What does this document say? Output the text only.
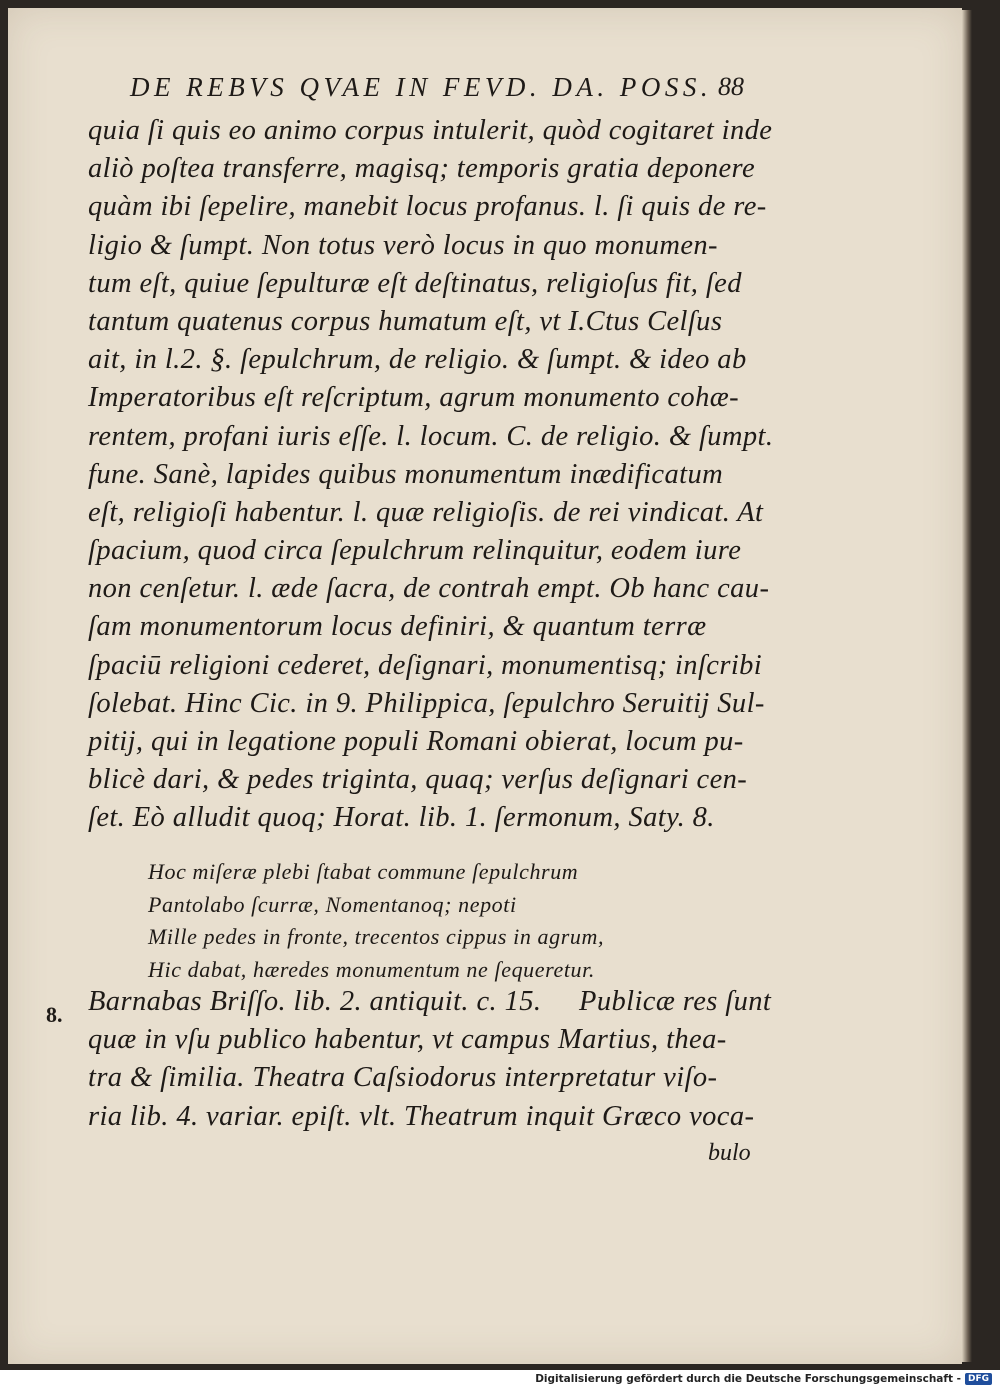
DE REBVS QVAE IN FEVD. DA. POSS. 88
quia ſi quis eo animo corpus intulerit, quòd cogitaret inde
aliò poſtea transferre, magisq; temporis gratia deponere
quàm ibi ſepelire, manebit locus profanus. l. ſi quis de re-
ligio & ſumpt. Non totus verò locus in quo monumen-
tum eſt, quiue ſepulturæ eſt deſtinatus, religioſus fit, ſed
tantum quatenus corpus humatum eſt, vt I.Ctus Celſus
ait, in l.2. §. ſepulchrum, de religio. & ſumpt. & ideo ab
Imperatoribus eſt reſcriptum, agrum monumento cohæ-
rentem, profani iuris eſſe. l. locum. C. de religio. & ſumpt.
fune. Sanè, lapides quibus monumentum inædificatum
eſt, religioſi habentur. l. quæ religioſis. de rei vindicat. At
ſpacium, quod circa ſepulchrum relinquitur, eodem iure
non cenſetur. l. æde ſacra, de contrah empt. Ob hanc cau-
ſam monumentorum locus definiri, & quantum terræ
ſpaciū religioni cederet, deſignari, monumentisq; inſcribi
ſolebat. Hinc Cic. in 9. Philippica, ſepulchro Seruitij Sul-
pitij, qui in legatione populi Romani obierat, locum pu-
blicè dari, & pedes triginta, quaq; verſus deſignari cen-
ſet. Eò alludit quoq; Horat. lib. 1. ſermonum, Saty. 8.
Hoc miſeræ plebi ſtabat commune ſepulchrum
Pantolabo ſcurræ, Nomentanoq; nepoti
Mille pedes in fronte, trecentos cippus in agrum,
Hic dabat, hæredes monumentum ne ſequeretur.
8. Barnabas Briſſo. lib. 2. antiquit. c. 15.     Publicæ res ſunt
quæ in vſu publico habentur, vt campus Martius, thea-
tra & ſimilia. Theatra Caſsiodorus interpretatur viſo-
ria lib. 4. variar. epiſt. vlt. Theatrum inquit Græco voca-
bulo
Digitalisierung gefördert durch die Deutsche Forschungsgemeinschaft - DFG
